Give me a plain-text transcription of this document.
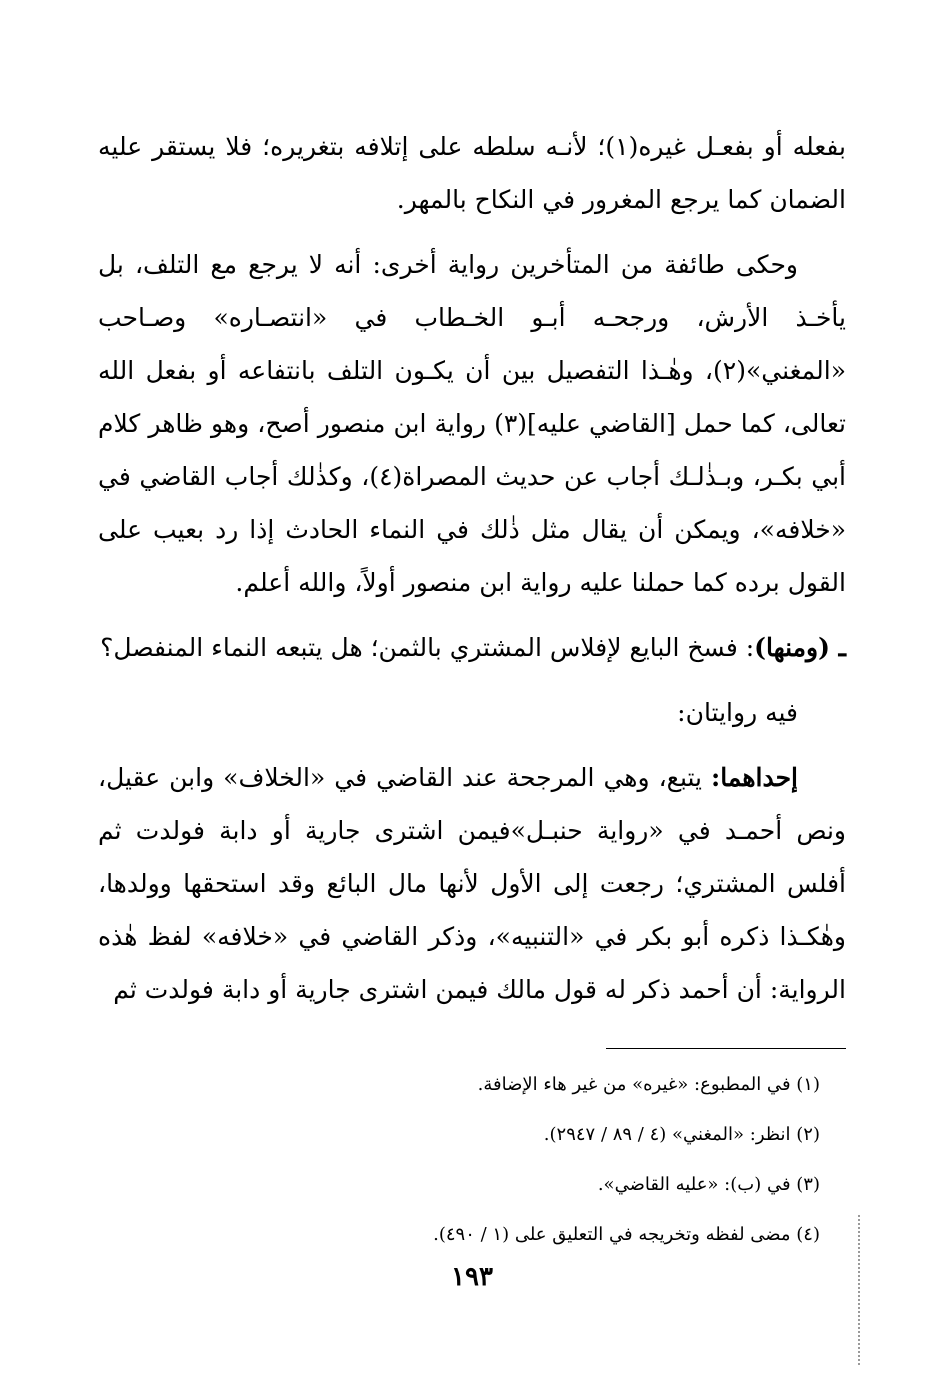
بفعله أو بفعـل غيره(١)؛ لأنـه سلطه على إتلافه بتغريره؛ فلا يستقر عليه الضمان كما يرجع المغرور في النكاح بالمهر.

وحكى طائفة من المتأخرين رواية أخرى: أنه لا يرجع مع التلف، بل يأخـذ الأرش، ورجحـه أبـو الخـطاب في «انتصـاره» وصـاحب «المغني»(٢)، وهٰـذا التفصيل بين أن يكـون التلف بانتفاعه أو بفعل الله تعالى، كما حمل [القاضي عليه](٣) رواية ابن منصور أصح، وهو ظاهر كلام أبي بكـر، وبـذٰلـك أجاب عن حديث المصراة(٤)، وكذٰلك أجاب القاضي في «خلافه»، ويمكن أن يقال مثل ذٰلك في النماء الحادث إذا رد بعيب على القول برده كما حملنا عليه رواية ابن منصور أولاً، والله أعلم.

ـ (ومنها): فسخ البايع لإفلاس المشتري بالثمن؛ هل يتبعه النماء المنفصل؟

فيه روايتان:

إحداهما: يتبع، وهي المرجحة عند القاضي في «الخلاف» وابن عقيل، ونص أحمـد في «رواية حنبـل»فيمن اشترى جارية أو دابة فولدت ثم أفلس المشتري؛ رجعت إلى الأول لأنها مال البائع وقد استحقها وولدها، وهٰكـذا ذكره أبو بكر في «التنبيه»، وذكر القاضي في «خلافه» لفظ هٰذه الرواية: أن أحمد ذكر له قول مالك فيمن اشترى جارية أو دابة فولدت ثم

(١) في المطبوع: «غيره» من غير هاء الإضافة.

(٢) انظر: «المغني» (٤ / ٨٩ / ٢٩٤٧).

(٣) في (ب): «عليه القاضي».

(٤) مضى لفظه وتخريجه في التعليق على (١ / ٤٩٠).

١٩٣
